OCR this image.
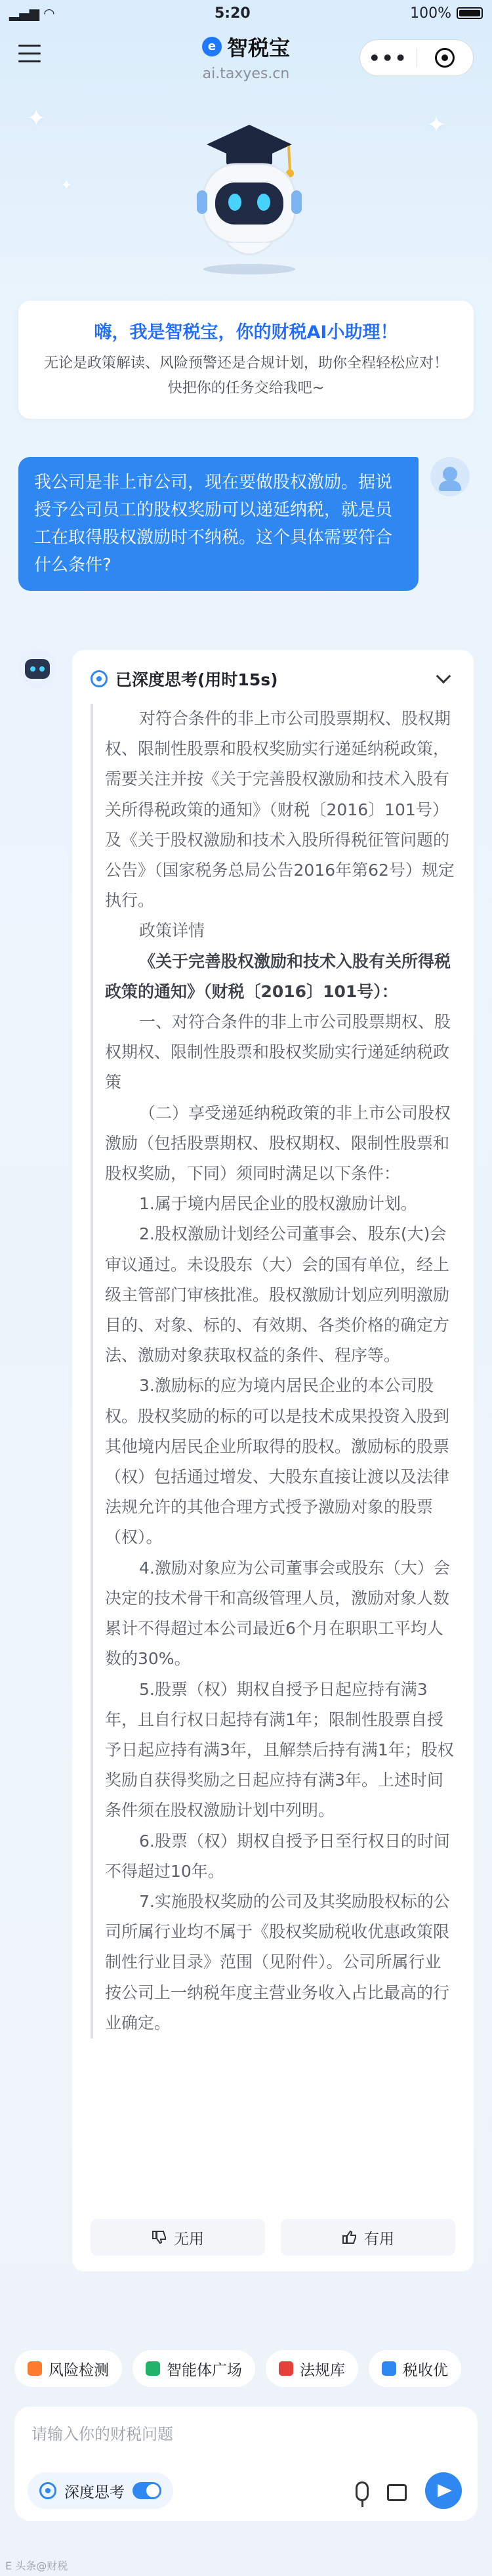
▂▄▆ ◠	5:20	100%
e 智税宝
ai.taxyes.cn
•••
✦	✦
✦
嗨，我是智税宝，你的财税AI小助理！
无论是政策解读、风险预警还是合规计划，助你全程轻松应对！快把你的任务交给我吧~
我公司是非上市公司，现在要做股权激励。据说授予公司员工的股权奖励可以递延纳税，就是员工在取得股权激励时不纳税。这个具体需要符合什么条件?
已深度思考(用时15s)

对符合条件的非上市公司股票期权、股权期权、限制性股票和股权奖励实行递延纳税政策，需要关注并按《关于完善股权激励和技术入股有关所得税政策的通知》（财税〔2016〕101号）及《关于股权激励和技术入股所得税征管问题的公告》（国家税务总局公告2016年第62号）规定执行。

政策详情

《关于完善股权激励和技术入股有关所得税政策的通知》（财税〔2016〕101号）：

一、对符合条件的非上市公司股票期权、股权期权、限制性股票和股权奖励实行递延纳税政策

（二）享受递延纳税政策的非上市公司股权激励（包括股票期权、股权期权、限制性股票和股权奖励，下同）须同时满足以下条件：

1.属于境内居民企业的股权激励计划。

2.股权激励计划经公司董事会、股东(大)会审议通过。未设股东（大）会的国有单位，经上级主管部门审核批准。股权激励计划应列明激励目的、对象、标的、有效期、各类价格的确定方法、激励对象获取权益的条件、程序等。

3.激励标的应为境内居民企业的本公司股权。股权奖励的标的可以是技术成果投资入股到其他境内居民企业所取得的股权。激励标的股票（权）包括通过增发、大股东直接让渡以及法律法规允许的其他合理方式授予激励对象的股票（权）。

4.激励对象应为公司董事会或股东（大）会决定的技术骨干和高级管理人员，激励对象人数累计不得超过本公司最近6个月在职职工平均人数的30%。

5.股票（权）期权自授予日起应持有满3年，且自行权日起持有满1年；限制性股票自授予日起应持有满3年，且解禁后持有满1年；股权奖励自获得奖励之日起应持有满3年。上述时间条件须在股权激励计划中列明。

6.股票（权）期权自授予日至行权日的时间不得超过10年。

7.实施股权奖励的公司及其奖励股权标的公司所属行业均不属于《股权奖励税收优惠政策限制性行业目录》范围（见附件）。公司所属行业按公司上一纳税年度主营业务收入占比最高的行业确定。

无用	有用
风险检测	智能体广场	法规库	税收优
请输入你的财税问题
深度思考
E 头条@财税
